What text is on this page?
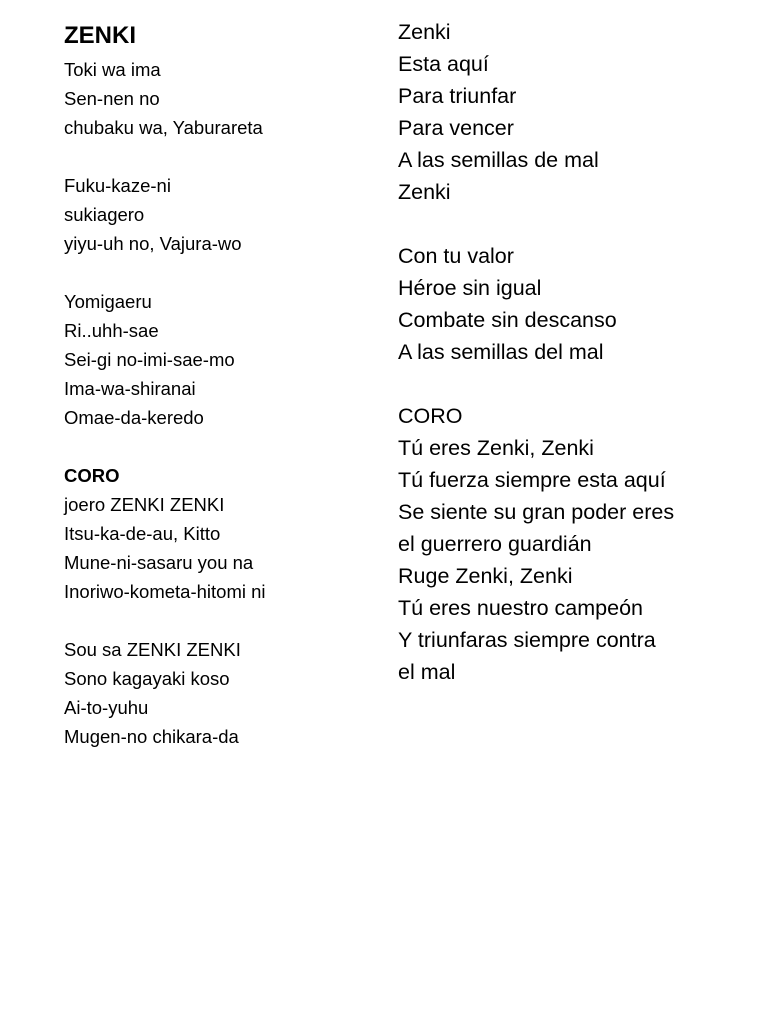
ZENKI
Toki wa ima
Sen-nen no
chubaku wa, Yaburareta
Fuku-kaze-ni
sukiagero
yiyu-uh no, Vajura-wo
Yomigaeru
Ri..uhh-sae
Sei-gi no-imi-sae-mo
Ima-wa-shiranai
Omae-da-keredo
CORO
joero ZENKI ZENKI
Itsu-ka-de-au, Kitto
Mune-ni-sasaru you na
Inoriwo-kometa-hitomi ni
Sou sa ZENKI ZENKI
Sono kagayaki koso
Ai-to-yuhu
Mugen-no chikara-da
Zenki
Esta aquí
Para triunfar
Para vencer
A las semillas de mal
Zenki
Con tu valor
Héroe sin igual
Combate sin descanso
A las semillas del mal
CORO
Tú eres Zenki, Zenki
Tú fuerza siempre esta aquí
Se siente su gran poder eres
el guerrero guardián
Ruge Zenki, Zenki
Tú eres nuestro campeón
Y triunfaras siempre contra
el mal
